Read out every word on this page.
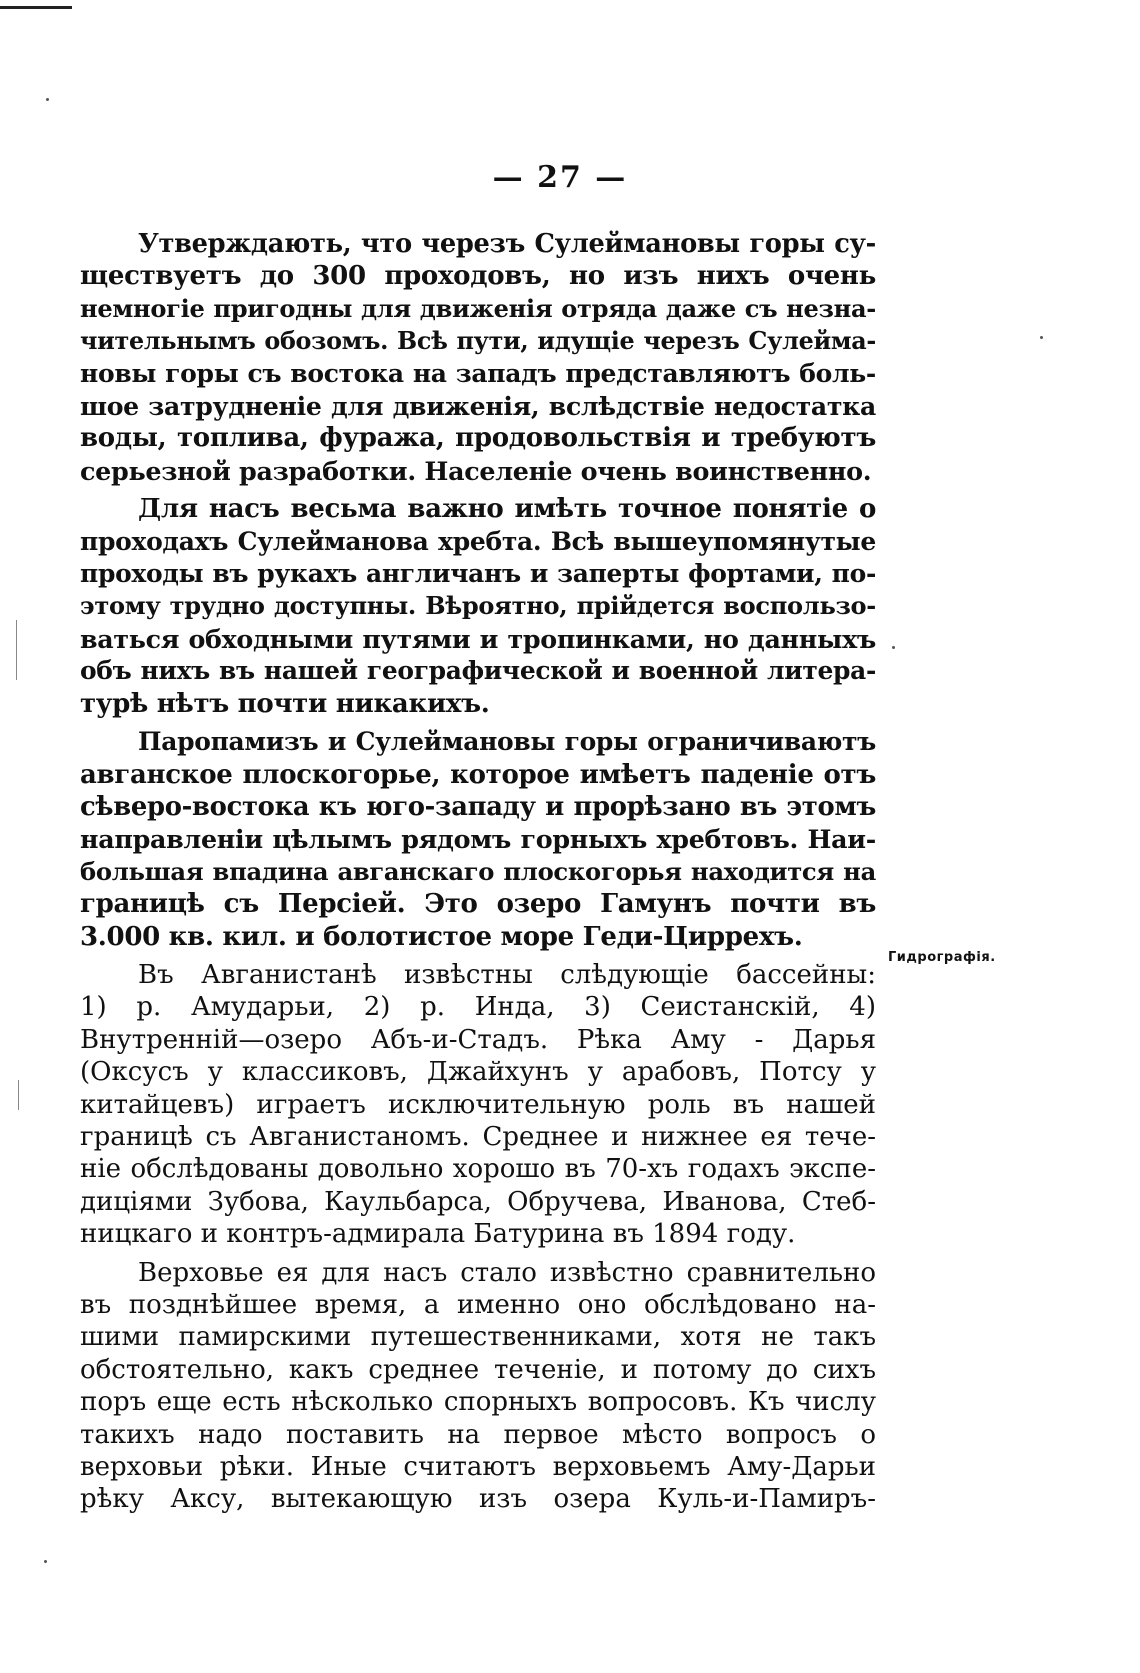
— 27 —
Гидрографія.

Утверждають, что черезъ Сулеймановы горы су-
ществуетъ до 300 проходовъ, но изъ нихъ очень
немногіе пригодны для движенія отряда даже съ незна-
чительнымъ обозомъ. Всѣ пути, идущіе черезъ Сулейма-
новы горы съ востока на западъ представляютъ боль-
шое затрудненіе для движенія, вслѣдствіе недостатка
воды, топлива, фуража, продовольствія и требуютъ
серьезной разработки. Населеніе очень воинственно.

Для насъ весьма важно имѣть точное понятіе о
проходахъ Сулейманова хребта. Всѣ вышеупомянутые
проходы въ рукахъ англичанъ и заперты фортами, по-
этому трудно доступны. Вѣроятно, прійдется воспользо-
ваться обходными путями и тропинками, но данныхъ
объ нихъ въ нашей географической и военной литера-
турѣ нѣтъ почти никакихъ.

Паропамизъ и Сулеймановы горы ограничиваютъ
авганское плоскогорье, которое имѣетъ паденіе отъ
сѣверо-востока къ юго-западу и прорѣзано въ этомъ
направленіи цѣлымъ рядомъ горныхъ хребтовъ. Наи-
большая впадина авганскаго плоскогорья находится на
границѣ съ Персіей. Это озеро Гамунъ почти въ
3.000 кв. кил. и болотистое море Геди-Циррехъ.

Въ Авганистанѣ извѣстны слѣдующіе бассейны:
1) р. Амударьи, 2) р. Инда, 3) Сеистанскій, 4)
Внутренній—озеро Абъ-и-Стадъ. Рѣка Аму - Дарья
(Оксусъ у классиковъ, Джайхунъ у арабовъ, Потсу у
китайцевъ) играетъ исключительную роль въ нашей
границѣ съ Авганистаномъ. Среднее и нижнее ея тече-
ніе обслѣдованы довольно хорошо въ 70-хъ годахъ экспе-
диціями Зубова, Каульбарса, Обручева, Иванова, Стеб-
ницкаго и контръ-адмирала Батурина въ 1894 году.

Верховье ея для насъ стало извѣстно сравнительно
въ позднѣйшее время, а именно оно обслѣдовано на-
шими памирскими путешественниками, хотя не такъ
обстоятельно, какъ среднее теченіе, и потому до сихъ
поръ еще есть нѣсколько спорныхъ вопросовъ. Къ числу
такихъ надо поставить на первое мѣсто вопросъ о
верховьи рѣки. Иные считаютъ верховьемъ Аму-Дарьи
рѣку Аксу, вытекающую изъ озера Куль-и-Памиръ-
